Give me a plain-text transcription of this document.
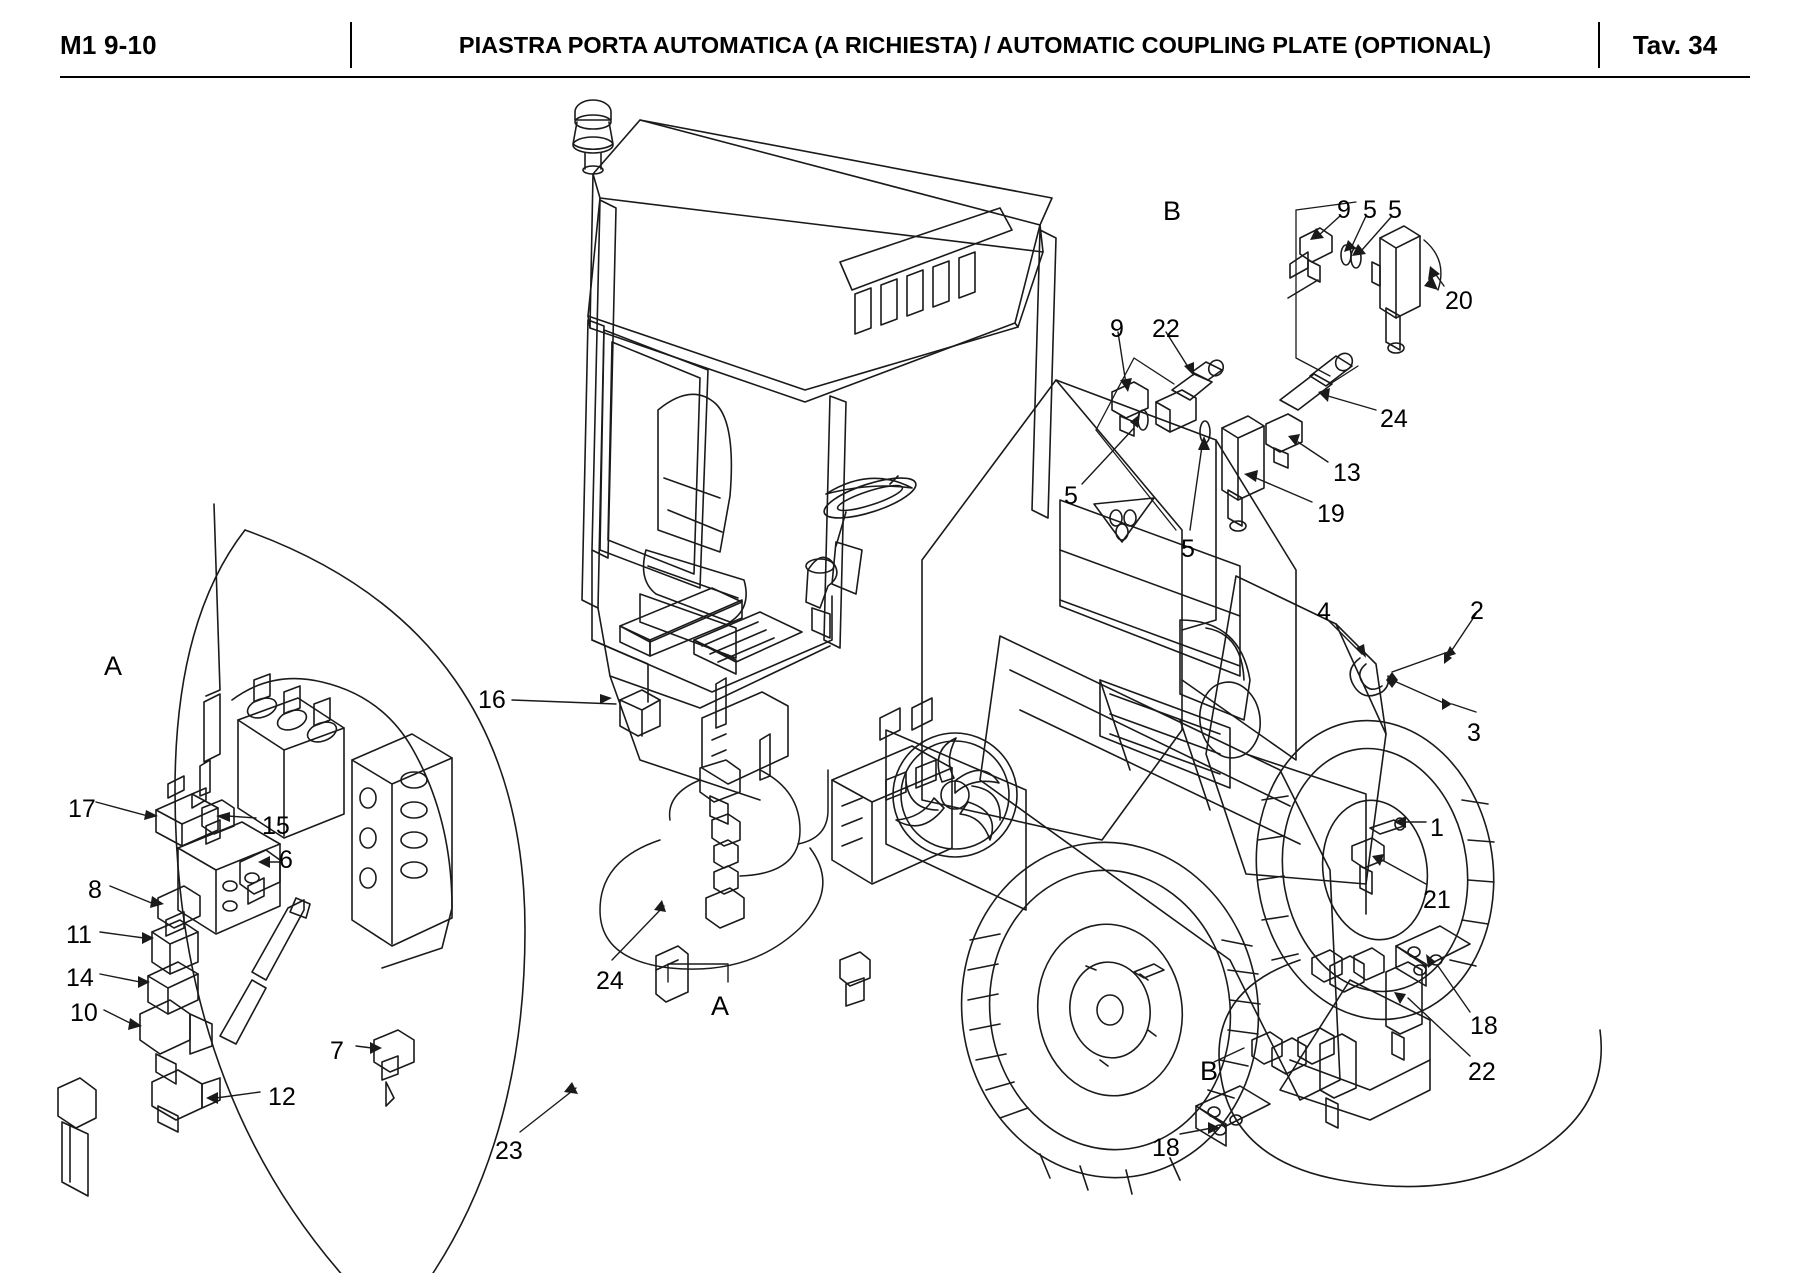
M1 9-10	PIASTRA PORTA AUTOMATICA (A RICHIESTA) / AUTOMATIC COUPLING PLATE (OPTIONAL)	Tav. 34
1
2
3
4
5 5
5
5
6
7
8
9
9
10
11
12
13
14
15
16
17
18
18
19
20
21
22
22
23
24
24
A
A
B
B
